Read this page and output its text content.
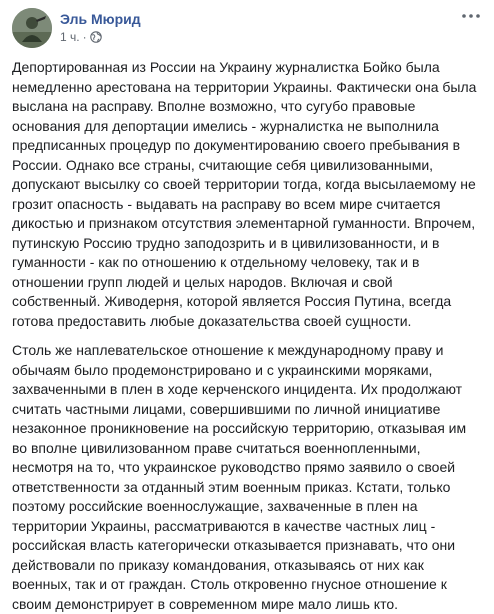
Эль Мюрид
1 ч. ·

Депортированная из России на Украину журналистка Бойко была немедленно арестована на территории Украины. Фактически она была выслана на расправу. Вполне возможно, что сугубо правовые основания для депортации имелись - журналистка не выполнила предписанных процедур по документированию своего пребывания в России. Однако все страны, считающие себя цивилизованными, допускают высылку со своей территории тогда, когда высылаемому не грозит опасность - выдавать на расправу во всем мире считается дикостью и признаком отсутствия элементарной гуманности. Впрочем, путинскую Россию трудно заподозрить и в цивилизованности, и в гуманности - как по отношению к отдельному человеку, так и в отношении групп людей и целых народов. Включая и свой собственный. Живодерня, которой является Россия Путина, всегда готова предоставить любые доказательства своей сущности.

Столь же наплевательское отношение к международному праву и обычаям было продемонстрировано и с украинскими моряками, захваченными в плен в ходе керченского инцидента. Их продолжают считать частными лицами, совершившими по личной инициативе незаконное проникновение на российскую территорию, отказывая им во вполне цивилизованном праве считаться военнопленными, несмотря на то, что украинское руководство прямо заявило о своей ответственности за отданный этим военным приказ. Кстати, только поэтому российские военнослужащие, захваченные в плен на территории Украины, рассматриваются в качестве частных лиц - российская власть категорически отказывается признавать, что они действовали по приказу командования, отказываясь от них как военных, так и от граждан. Столь откровенно гнусное отношение к своим демонстрирует в современном мире мало лишь кто.
